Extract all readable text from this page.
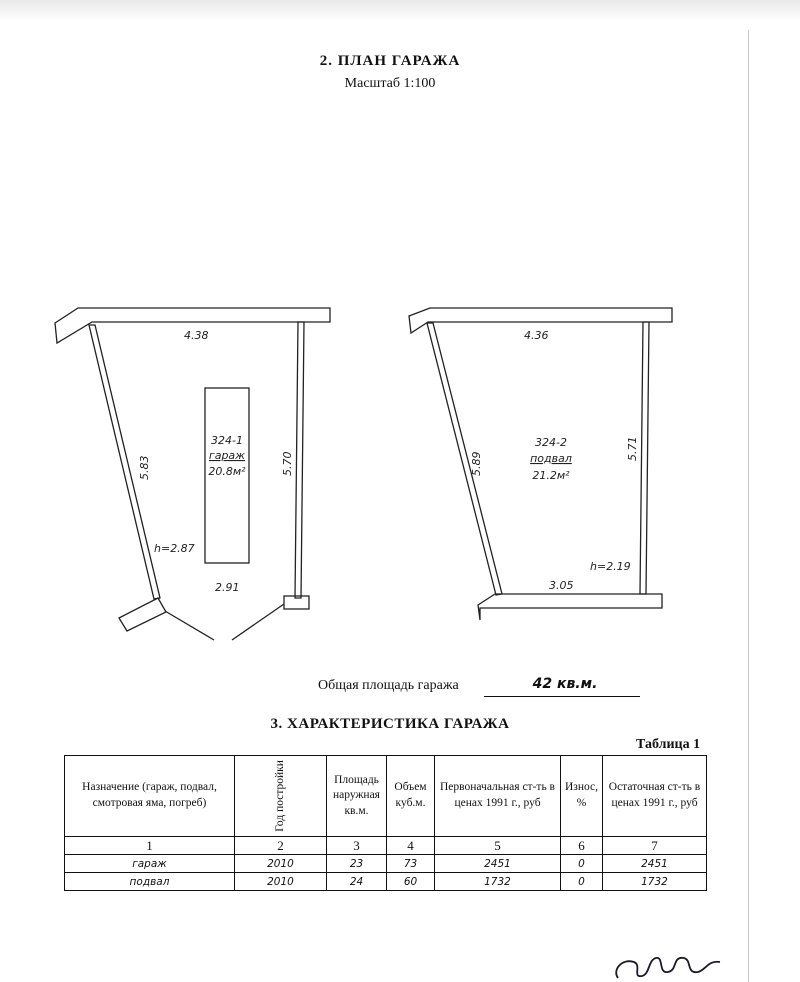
2. ПЛАН ГАРАЖА
Масштаб 1:100
4.38
5.83	5.70
h=2.87
2.91
324-1
гараж
20.8м²
4.36
5.89
5.71
h=2.19
3.05
324-2
подвал
21.2м²
Общая площадь гаража	42 кв.м.
3. ХАРАКТЕРИСТИКА ГАРАЖА
Таблица 1
Назначение (гараж, подвал, смотровая яма, погреб)	Год постройки	Площадь наружная кв.м.	Объем куб.м.	Первоначальная ст-ть в ценах 1991 г., руб	Износ, %	Остаточная ст-ть в ценах 1991 г., руб
1	2	3	4	5	6	7
гараж	2010	23	73	2451	0	2451
подвал	2010	24	60	1732	0	1732
